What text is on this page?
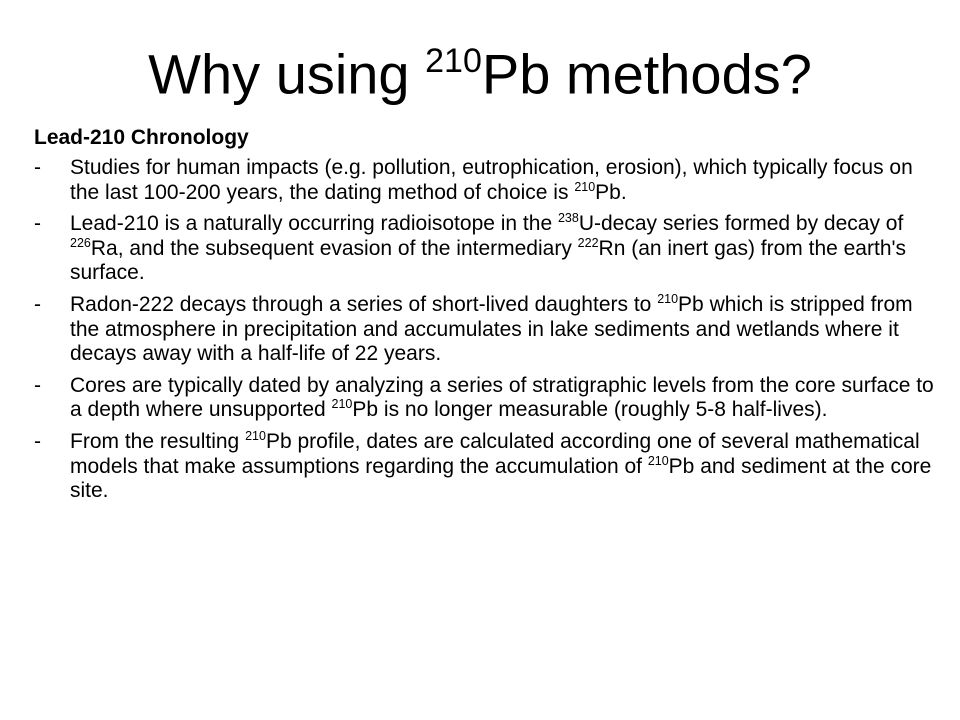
Why using $^{210}$Pb methods?
Lead-210 Chronology
- Studies for human impacts (e.g. pollution, eutrophication, erosion), which typically focus on the last 100-200 years, the dating method of choice is $^{210}$Pb.
- Lead-210 is a naturally occurring radioisotope in the $^{238}$U-decay series formed by decay of $^{226}$Ra, and the subsequent evasion of the intermediary $^{222}$Rn (an inert gas) from the earth's surface.
- Radon-222 decays through a series of short-lived daughters to $^{210}$Pb which is stripped from the atmosphere in precipitation and accumulates in lake sediments and wetlands where it decays away with a half-life of 22 years.
- Cores are typically dated by analyzing a series of stratigraphic levels from the core surface to a depth where unsupported $^{210}$Pb is no longer measurable (roughly 5-8 half-lives).
- From the resulting $^{210}$Pb profile, dates are calculated according one of several mathematical models that make assumptions regarding the accumulation of $^{210}$Pb and sediment at the core site.
